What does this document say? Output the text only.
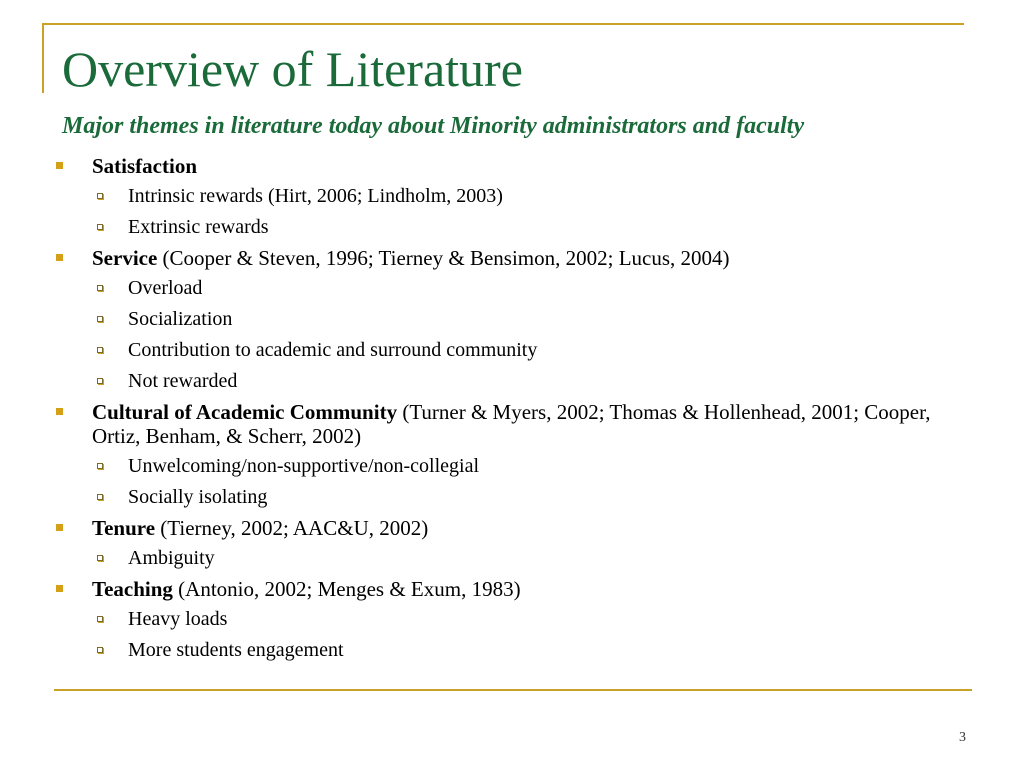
Overview of Literature
Major themes in literature today about Minority administrators and faculty
Satisfaction
Intrinsic rewards (Hirt, 2006; Lindholm, 2003)
Extrinsic rewards
Service (Cooper & Steven, 1996; Tierney & Bensimon, 2002; Lucus, 2004)
Overload
Socialization
Contribution to academic and surround community
Not rewarded
Cultural of Academic Community (Turner & Myers, 2002; Thomas & Hollenhead, 2001; Cooper, Ortiz, Benham, & Scherr, 2002)
Unwelcoming/non-supportive/non-collegial
Socially isolating
Tenure (Tierney, 2002; AAC&U, 2002)
Ambiguity
Teaching (Antonio, 2002; Menges & Exum, 1983)
Heavy loads
More students engagement
3
